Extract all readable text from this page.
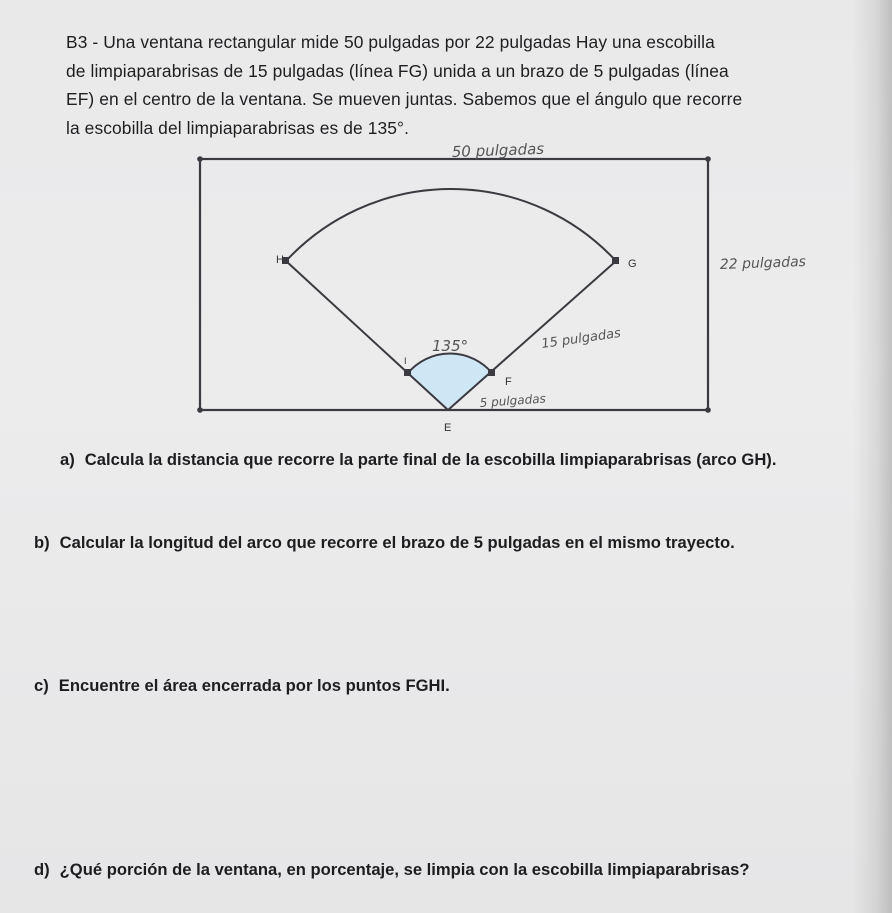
B3 - Una ventana rectangular mide 50 pulgadas por 22 pulgadas Hay una escobilla

de limpiaparabrisas de 15 pulgadas (línea FG) unida a un brazo de 5 pulgadas (línea

EF) en el centro de la ventana. Se mueven juntas. Sabemos que el ángulo que recorre

la escobilla del limpiaparabrisas es de 135°.

H	G
I
F
E
50 pulgadas
22 pulgadas
135°	15 pulgadas
5 pulgadas
a) Calcula la distancia que recorre la parte final de la escobilla limpiaparabrisas (arco GH).
b) Calcular la longitud del arco que recorre el brazo de 5 pulgadas en el mismo trayecto.
c) Encuentre el área encerrada por los puntos FGHI.
d) ¿Qué porción de la ventana, en porcentaje, se limpia con la escobilla limpiaparabrisas?
